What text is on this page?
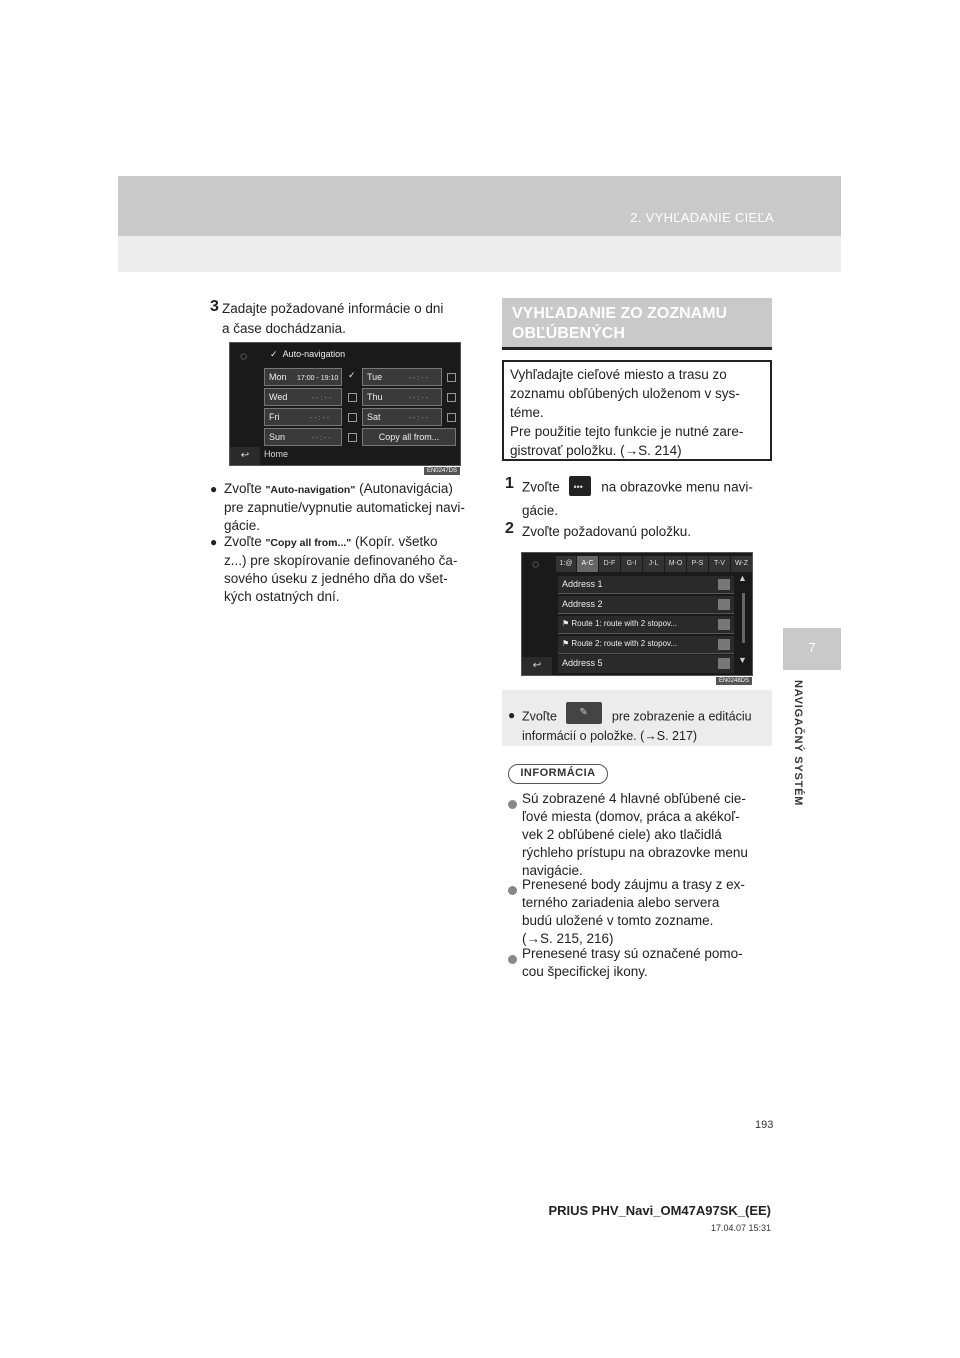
2. VYHĽADANIE CIEĽA
7
NAVIGAČNÝ SYSTÉM
3 Zadajte požadované informácie o dni
a čase dochádzania.
◌	✓ Auto-navigation
Mon 17:00 - 19:10	✓	Tue	- - : - -
Wed	- - : - -	Thu	- - : - -
Fri	- - : - -	Sat	- - : - -
Sun	- - : - -	Copy all from...
↩	Home
EN0247DS
● Zvoľte "Auto-navigation" (Autonavigácia)
pre zapnutie/vypnutie automatickej navi-
gácie.
● Zvoľte "Copy all from..." (Kopír. všetko
z...) pre skopírovanie definovaného ča-
sového úseku z jedného dňa do všet-
kých ostatných dní.
VYHĽADANIE ZO ZOZNAMU
OBĽÚBENÝCH
Vyhľadajte cieľové miesto a trasu zo
zoznamu obľúbených uloženom v sys-
téme.
Pre použitie tejto funkcie je nutné zare-
gistrovať položku. (→S. 214)
1 Zvoľte ••• na obrazovke menu navi-
gácie.
2 Zvoľte požadovanú položku.
◌	1:@	A-C	D-F	G-I	J-L	M-O	P-S	T-V	W-Z
Address 1
Address 2
⚑ Route 1: route with 2 stopov...
⚑ Route 2: route with 2 stopov...
Address 5
▲
▼
↩
EN0248DS
● Zvoľte ✎ pre zobrazenie a editáciu
informácií o položke. (→S. 217)
INFORMÁCIA
Sú zobrazené 4 hlavné obľúbené cie-
ľové miesta (domov, práca a akékoľ-
vek 2 obľúbené ciele) ako tlačidlá
rýchleho prístupu na obrazovke menu
navigácie.
Prenesené body záujmu a trasy z ex-
terného zariadenia alebo servera
budú uložené v tomto zozname.
(→S. 215, 216)
Prenesené trasy sú označené pomo-
cou špecifickej ikony.
193
PRIUS PHV_Navi_OM47A97SK_(EE)
17.04.07 15:31
